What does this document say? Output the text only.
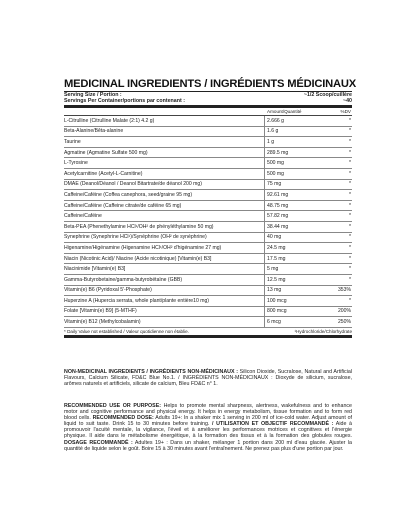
MEDICINAL INGREDIENTS / INGRÉDIENTS MÉDICINAUX
Serving Size / Portion :	~1/2 Scoop/cuillère
Servings Per Container/portions par contenant :	~40
Amount/Quantité	%DV
L-Citrulline (Citrulline Malate (2:1) 4.2 g)	2.666 g	*
Beta-Alanine/Bêta-alanine	1.6 g	*
Taurine	1 g	*
Agmatine (Agmatine Sulfate 500 mg)	289.5 mg	*
L-Tyrosine	500 mg	*
Acetylcarnitine (Acetyl-L-Carnitine)	500 mg	*
DMAE (Deanol/Déanol / Deanol Bitartrate/de déanol 200 mg)	75 mg	*
Caffeine/Caféine (Coffea canephora, seed/graine 95 mg)	92.61 mg	*
Caffeine/Caféine (Caffeine citrate/de caféine 65 mg)	48.75 mg	*
Caffeine/Caféine	57.82 mg	*
Beta-PEA (Phenethylamine HCl¹/OH² de phényléthylamine 50 mg)	38.44 mg	*
Synephrine (Synephrine HCl¹)/Synéphrine (OH² de synéphrine)	40 mg	*
Higenamine/Higénamine (Higenamine HCl¹/OH² d'higénamine 27 mg)	24.5 mg	*
Niacin (Nicotinic Acid)/ Niacine (Acide nicotinique) [Vitamin(e) B3]	17.5 mg	*
Niacinimide [Vitamin(e) B3]	5 mg	*
Gamma-Butyrobetaine/gamma-butyrobétaïne (GBB)	12.5 mg	*
Vitamin(e) B6 (Pyridoxal 5'-Phosphate)	13 mg	353%
Huperzine A (Hupercia serrata, whole plant/plante entière10 mg)	100 mcg	*
Folate [Vitamin(e) B9] (5-MTHF)	800 mcg	200%
Vitamin(e) B12 (Methylcobalamin)	6 mcg	250%
* Daily Value not established / Valeur quotidienne non établie.	¹Hydrochloride/Chlorhydrate

NON-MEDICINAL INGREDIENTS / INGRÉDIENTS NON-MÉDICINAUX : Silicon Dioxide, Sucralose, Natural and Artificial Flavours, Calcium Silicate, FD&C Blue No.1. / INGRÉDIENTS NON-MÉDICINAUX : Dioxyde de silicium, sucralose, arômes naturels et artificiels, silicate de calcium, Bleu FD&C n° 1.

RECOMMENDED USE OR PURPOSE: Helps to promote mental sharpness, alertness, wakefulness and to enhance motor and cognitive performance and physical energy. It helps in energy metabolism, tissue formation and to form red blood cells. RECOMMENDED DOSE: Adults 19+: In a shaker mix 1 serving in 200 ml of ice-cold water. Adjust amount of liquid to suit taste. Drink 15 to 30 minutes before training. / UTILISATION ET OBJECTIF RECOMMANDÉ : Aide à promouvoir l'acuité mentale, la vigilance, l'éveil et à améliorer les performances motrices et cognitives et l'énergie physique. Il aide dans le métabolisme énergétique, à la formation des tissus et à la formation des globules rouges. DOSAGE RECOMMANDÉ : Adultes 19+ : Dans un shaker, mélanger 1 portion dans 200 ml d'eau glacée. Ajuster la quantité de liquide selon le goût. Boire 15 à 30 minutes avant l'entraînement. Ne prenez pas plus d'une portion par jour.
